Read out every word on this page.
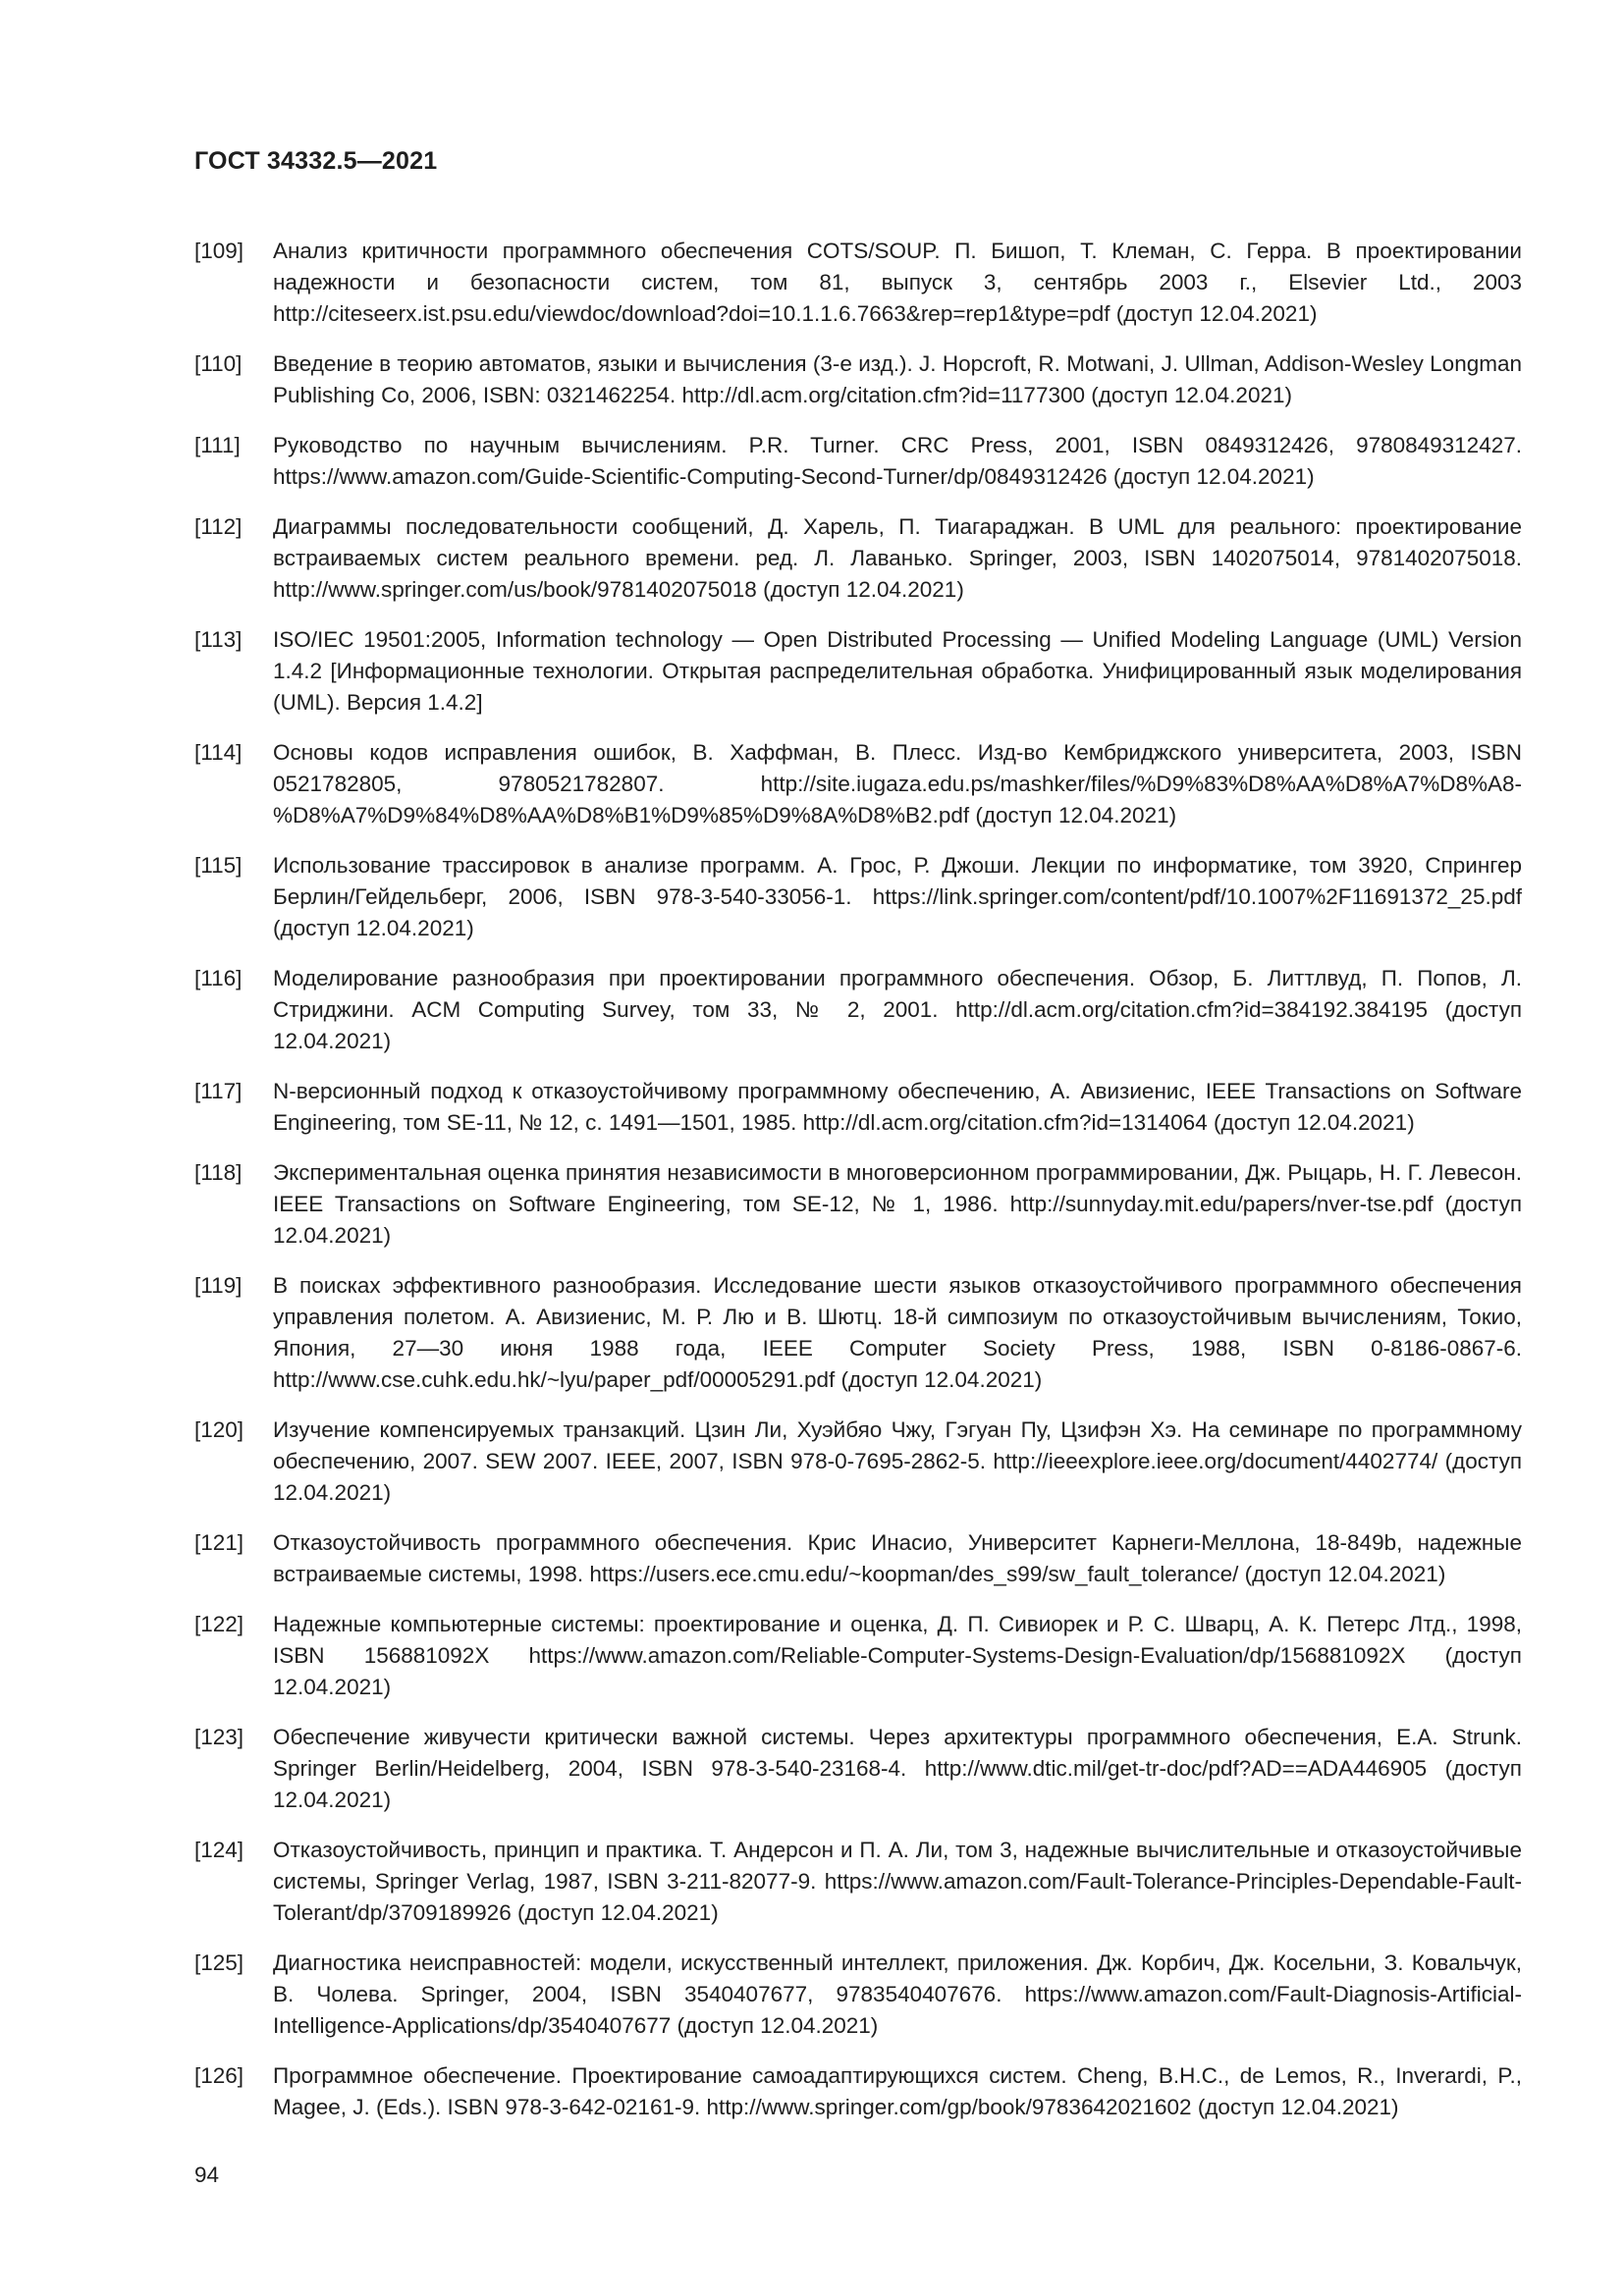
ГОСТ 34332.5—2021
[109]	Анализ критичности программного обеспечения COTS/SOUP. П. Бишоп, Т. Клеман, С. Герра. В проектировании надежности и безопасности систем, том 81, выпуск 3, сентябрь 2003 г., Elsevier Ltd., 2003 http://citeseerx.ist.psu.edu/viewdoc/download?doi=10.1.1.6.7663&rep=rep1&type=pdf (доступ 12.04.2021)
[110]	Введение в теорию автоматов, языки и вычисления (3-е изд.). J. Hopcroft, R. Motwani, J. Ullman, Addison-Wesley Longman Publishing Co, 2006, ISBN: 0321462254. http://dl.acm.org/citation.cfm?id=1177300 (доступ 12.04.2021)
[111]	Руководство по научным вычислениям. P.R. Turner. CRC Press, 2001, ISBN 0849312426, 9780849312427. https://www.amazon.com/Guide-Scientific-Computing-Second-Turner/dp/0849312426 (доступ 12.04.2021)
[112]	Диаграммы последовательности сообщений, Д. Харель, П. Тиагараджан. В UML для реального: проектирование встраиваемых систем реального времени. ред. Л. Лаванько. Springer, 2003, ISBN 1402075014, 9781402075018. http://www.springer.com/us/book/9781402075018 (доступ 12.04.2021)
[113]	ISO/IEC 19501:2005, Information technology — Open Distributed Processing — Unified Modeling Language (UML) Version 1.4.2 [Информационные технологии. Открытая распределительная обработка. Унифицированный язык моделирования (UML). Версия 1.4.2]
[114]	Основы кодов исправления ошибок, В. Хаффман, В. Плесс. Изд-во Кембриджского университета, 2003, ISBN 0521782805, 9780521782807. http://site.iugaza.edu.ps/mashker/files/%D9%83%D8%AA%D8%A7%D8%A8-%D8%A7%D9%84%D8%AA%D8%B1%D9%85%D9%8A%D8%B2.pdf (доступ 12.04.2021)
[115]	Использование трассировок в анализе программ. А. Грос, Р. Джоши. Лекции по информатике, том 3920, Спрингер Берлин/Гейдельберг, 2006, ISBN 978-3-540-33056-1. https://link.springer.com/content/pdf/10.1007%2F11691372_25.pdf (доступ 12.04.2021)
[116]	Моделирование разнообразия при проектировании программного обеспечения. Обзор, Б. Литтлвуд, П. Попов, Л. Стриджини. ACM Computing Survey, том 33, № 2, 2001. http://dl.acm.org/citation.cfm?id=384192.384195 (доступ 12.04.2021)
[117]	N-версионный подход к отказоустойчивому программному обеспечению, А. Авизиенис, IEEE Transactions on Software Engineering, том SE-11, № 12, с. 1491—1501, 1985. http://dl.acm.org/citation.cfm?id=1314064 (доступ 12.04.2021)
[118]	Экспериментальная оценка принятия независимости в многоверсионном программировании, Дж. Рыцарь, Н. Г. Левесон. IEEE Transactions on Software Engineering, том SE-12, № 1, 1986. http://sunnyday.mit.edu/papers/nver-tse.pdf (доступ 12.04.2021)
[119]	В поисках эффективного разнообразия. Исследование шести языков отказоустойчивого программного обеспечения управления полетом. А. Авизиенис, М. Р. Лю и В. Шютц. 18-й симпозиум по отказоустойчивым вычислениям, Токио, Япония, 27—30 июня 1988 года, IEEE Computer Society Press, 1988, ISBN 0-8186-0867-6. http://www.cse.cuhk.edu.hk/~lyu/paper_pdf/00005291.pdf (доступ 12.04.2021)
[120]	Изучение компенсируемых транзакций. Цзин Ли, Хуэйбяо Чжу, Гэгуан Пу, Цзифэн Хэ. На семинаре по программному обеспечению, 2007. SEW 2007. IEEE, 2007, ISBN 978-0-7695-2862-5. http://ieeexplore.ieee.org/document/4402774/ (доступ 12.04.2021)
[121]	Отказоустойчивость программного обеспечения. Крис Инасио, Университет Карнеги-Меллона, 18-849b, надежные встраиваемые системы, 1998. https://users.ece.cmu.edu/~koopman/des_s99/sw_fault_tolerance/ (доступ 12.04.2021)
[122]	Надежные компьютерные системы: проектирование и оценка, Д. П. Сивиорек и Р. С. Шварц, А. К. Петерс Лтд., 1998, ISBN 156881092X https://www.amazon.com/Reliable-Computer-Systems-Design-Evaluation/dp/156881092X (доступ 12.04.2021)
[123]	Обеспечение живучести критически важной системы. Через архитектуры программного обеспечения, E.A. Strunk. Springer Berlin/Heidelberg, 2004, ISBN 978-3-540-23168-4. http://www.dtic.mil/get-tr-doc/pdf?AD==ADA446905 (доступ 12.04.2021)
[124]	Отказоустойчивость, принцип и практика. Т. Андерсон и П. А. Ли, том 3, надежные вычислительные и отказоустойчивые системы, Springer Verlag, 1987, ISBN 3-211-82077-9. https://www.amazon.com/Fault-Tolerance-Principles-Dependable-Fault-Tolerant/dp/3709189926 (доступ 12.04.2021)
[125]	Диагностика неисправностей: модели, искусственный интеллект, приложения. Дж. Корбич, Дж. Косельни, З. Ковальчук, В. Чолева. Springer, 2004, ISBN 3540407677, 9783540407676. https://www.amazon.com/Fault-Diagnosis-Artificial-Intelligence-Applications/dp/3540407677 (доступ 12.04.2021)
[126]	Программное обеспечение. Проектирование самоадаптирующихся систем. Cheng, B.H.C., de Lemos, R., Inverardi, P., Magee, J. (Eds.). ISBN 978-3-642-02161-9. http://www.springer.com/gp/book/9783642021602 (доступ 12.04.2021)
94
